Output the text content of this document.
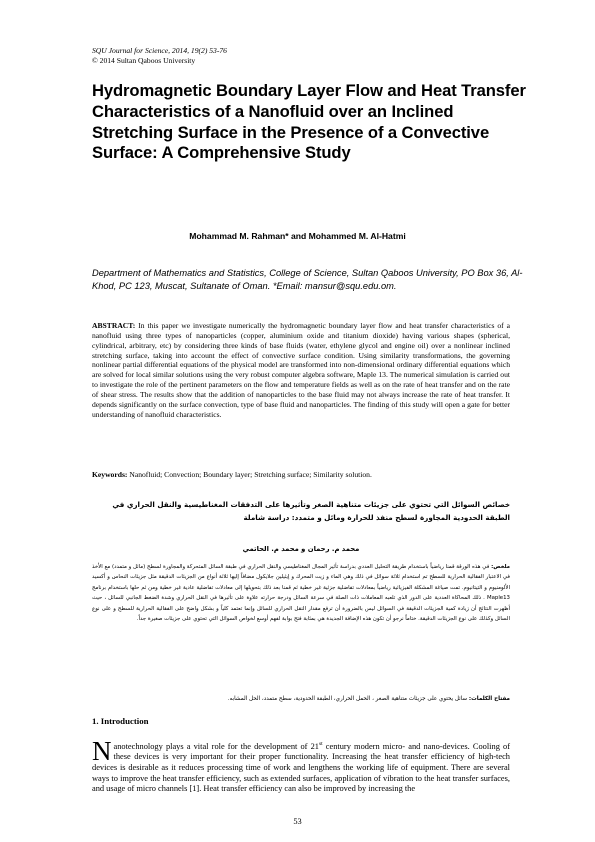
SQU Journal for Science, 2014, 19(2) 53-76
© 2014 Sultan Qaboos University
Hydromagnetic Boundary Layer Flow and Heat Transfer Characteristics of a Nanofluid over an Inclined Stretching Surface in the Presence of a Convective Surface: A Comprehensive Study
Mohammad M. Rahman* and Mohammed M. Al-Hatmi
Department of Mathematics and Statistics, College of Science, Sultan Qaboos University, PO Box 36, Al-Khod, PC 123, Muscat, Sultanate of Oman. *Email: mansur@squ.edu.om.
ABSTRACT: In this paper we investigate numerically the hydromagnetic boundary layer flow and heat transfer characteristics of a nanofluid using three types of nanoparticles (copper, aluminium oxide and titanium dioxide) having various shapes (spherical, cylindrical, arbitrary, etc) by considering three kinds of base fluids (water, ethylene glycol and engine oil) over a nonlinear inclined stretching surface, taking into account the effect of convective surface condition. Using similarity transformations, the governing nonlinear partial differential equations of the physical model are transformed into non-dimensional ordinary differential equations which are solved for local similar solutions using the very robust computer algebra software, Maple 13. The numerical simulation is carried out to investigate the role of the pertinent parameters on the flow and temperature fields as well as on the rate of heat transfer and on the rate of shear stress. The results show that the addition of nanoparticles to the base fluid may not always increase the rate of heat transfer. It depends significantly on the surface convection, type of base fluid and nanoparticles. The finding of this study will open a gate for better understanding of nanofluid characteristics.
Keywords: Nanofluid; Convection; Boundary layer; Stretching surface; Similarity solution.
خصائص السوائل التي تحتوي على جزيئات متناهية الصغر وتأثيرها على التدفقات المغناطيسية والنقل الحراري في الطبقة الحدودية المجاورة لسطح منفذ للحرارة ومائل و متمدد: دراسة شاملة
محمد م. رحمان و محمد م. الحاتمي
ملخص: في هذه الورقة قمنا رياضياً باستخدام طريقة التحليل العددي بدراسة تأثير المجال المغناطيسي والنقل الحراري في طبقة السائل المتحركة والمجاورة لسطح (مائل و متمدد) مع الأخذ في الاعتبار الفقالية الحرارية للسطح تم استخدام ثلاثة سوائل في ذلك وهي الماء و زيت المحرك و إيثيلين جلايكول مضافاً إليها ثلاثة أنواع من الجزيئات الدقيقة مثل جزيئات النحاس و أكسيد الألومنيوم و التيتانيوم. تمت صياغة المشكلة الفيزيائية رياضياً بمعادلات تفاضلية جزئية غير خطية ثم قمنا بعد ذلك بتحويلها إلى معادلات تفاضلية عادية غير خطية ومن ثم حلها باستخدام برنامج Maple13 . ذلك المحاكاة العددية على الدور الذي تلعبه المعاملات ذات الصلة في سرعة السائل ودرجة حرارته علاوة على تأثيرها في النقل الحراري وشدة الضغط الجانبي للسائل ، حيث أظهرت النتائج أن زيادة كمية الجزيئات الدقيقة في السوائل ليس بالضرورة أن ترفع مقدار النقل الحراري للسائل وإنما تعتمد كلياً و بشكل واضح على الفقالية الحرارية للسطح و على نوع السائل وكذلك على نوع الجزيئات الدقيقة. ختاماً نرجو أن تكون هذه الإضافة الجديدة هي بمثابة فتح بوابة لفهم أوسع لخواص السوائل التي تحتوي على جزيئات صغيرة جداً.
مفتاح الكلمات: سائل يحتوي على جزيئات متناهية الصغر ، الحمل الحراري، الطبقة الحدودية، سطح متمدد، الحل المشابه.
1. Introduction
N anotechnology plays a vital role for the development of 21st century modern micro- and nano-devices. Cooling of these devices is very important for their proper functionality. Increasing the heat transfer efficiency of high-tech devices is desirable as it reduces processing time of work and lengthens the working life of equipment. There are several ways to improve the heat transfer efficiency, such as extended surfaces, application of vibration to the heat transfer surfaces, and usage of micro channels [1]. Heat transfer efficiency can also be improved by increasing the
53
